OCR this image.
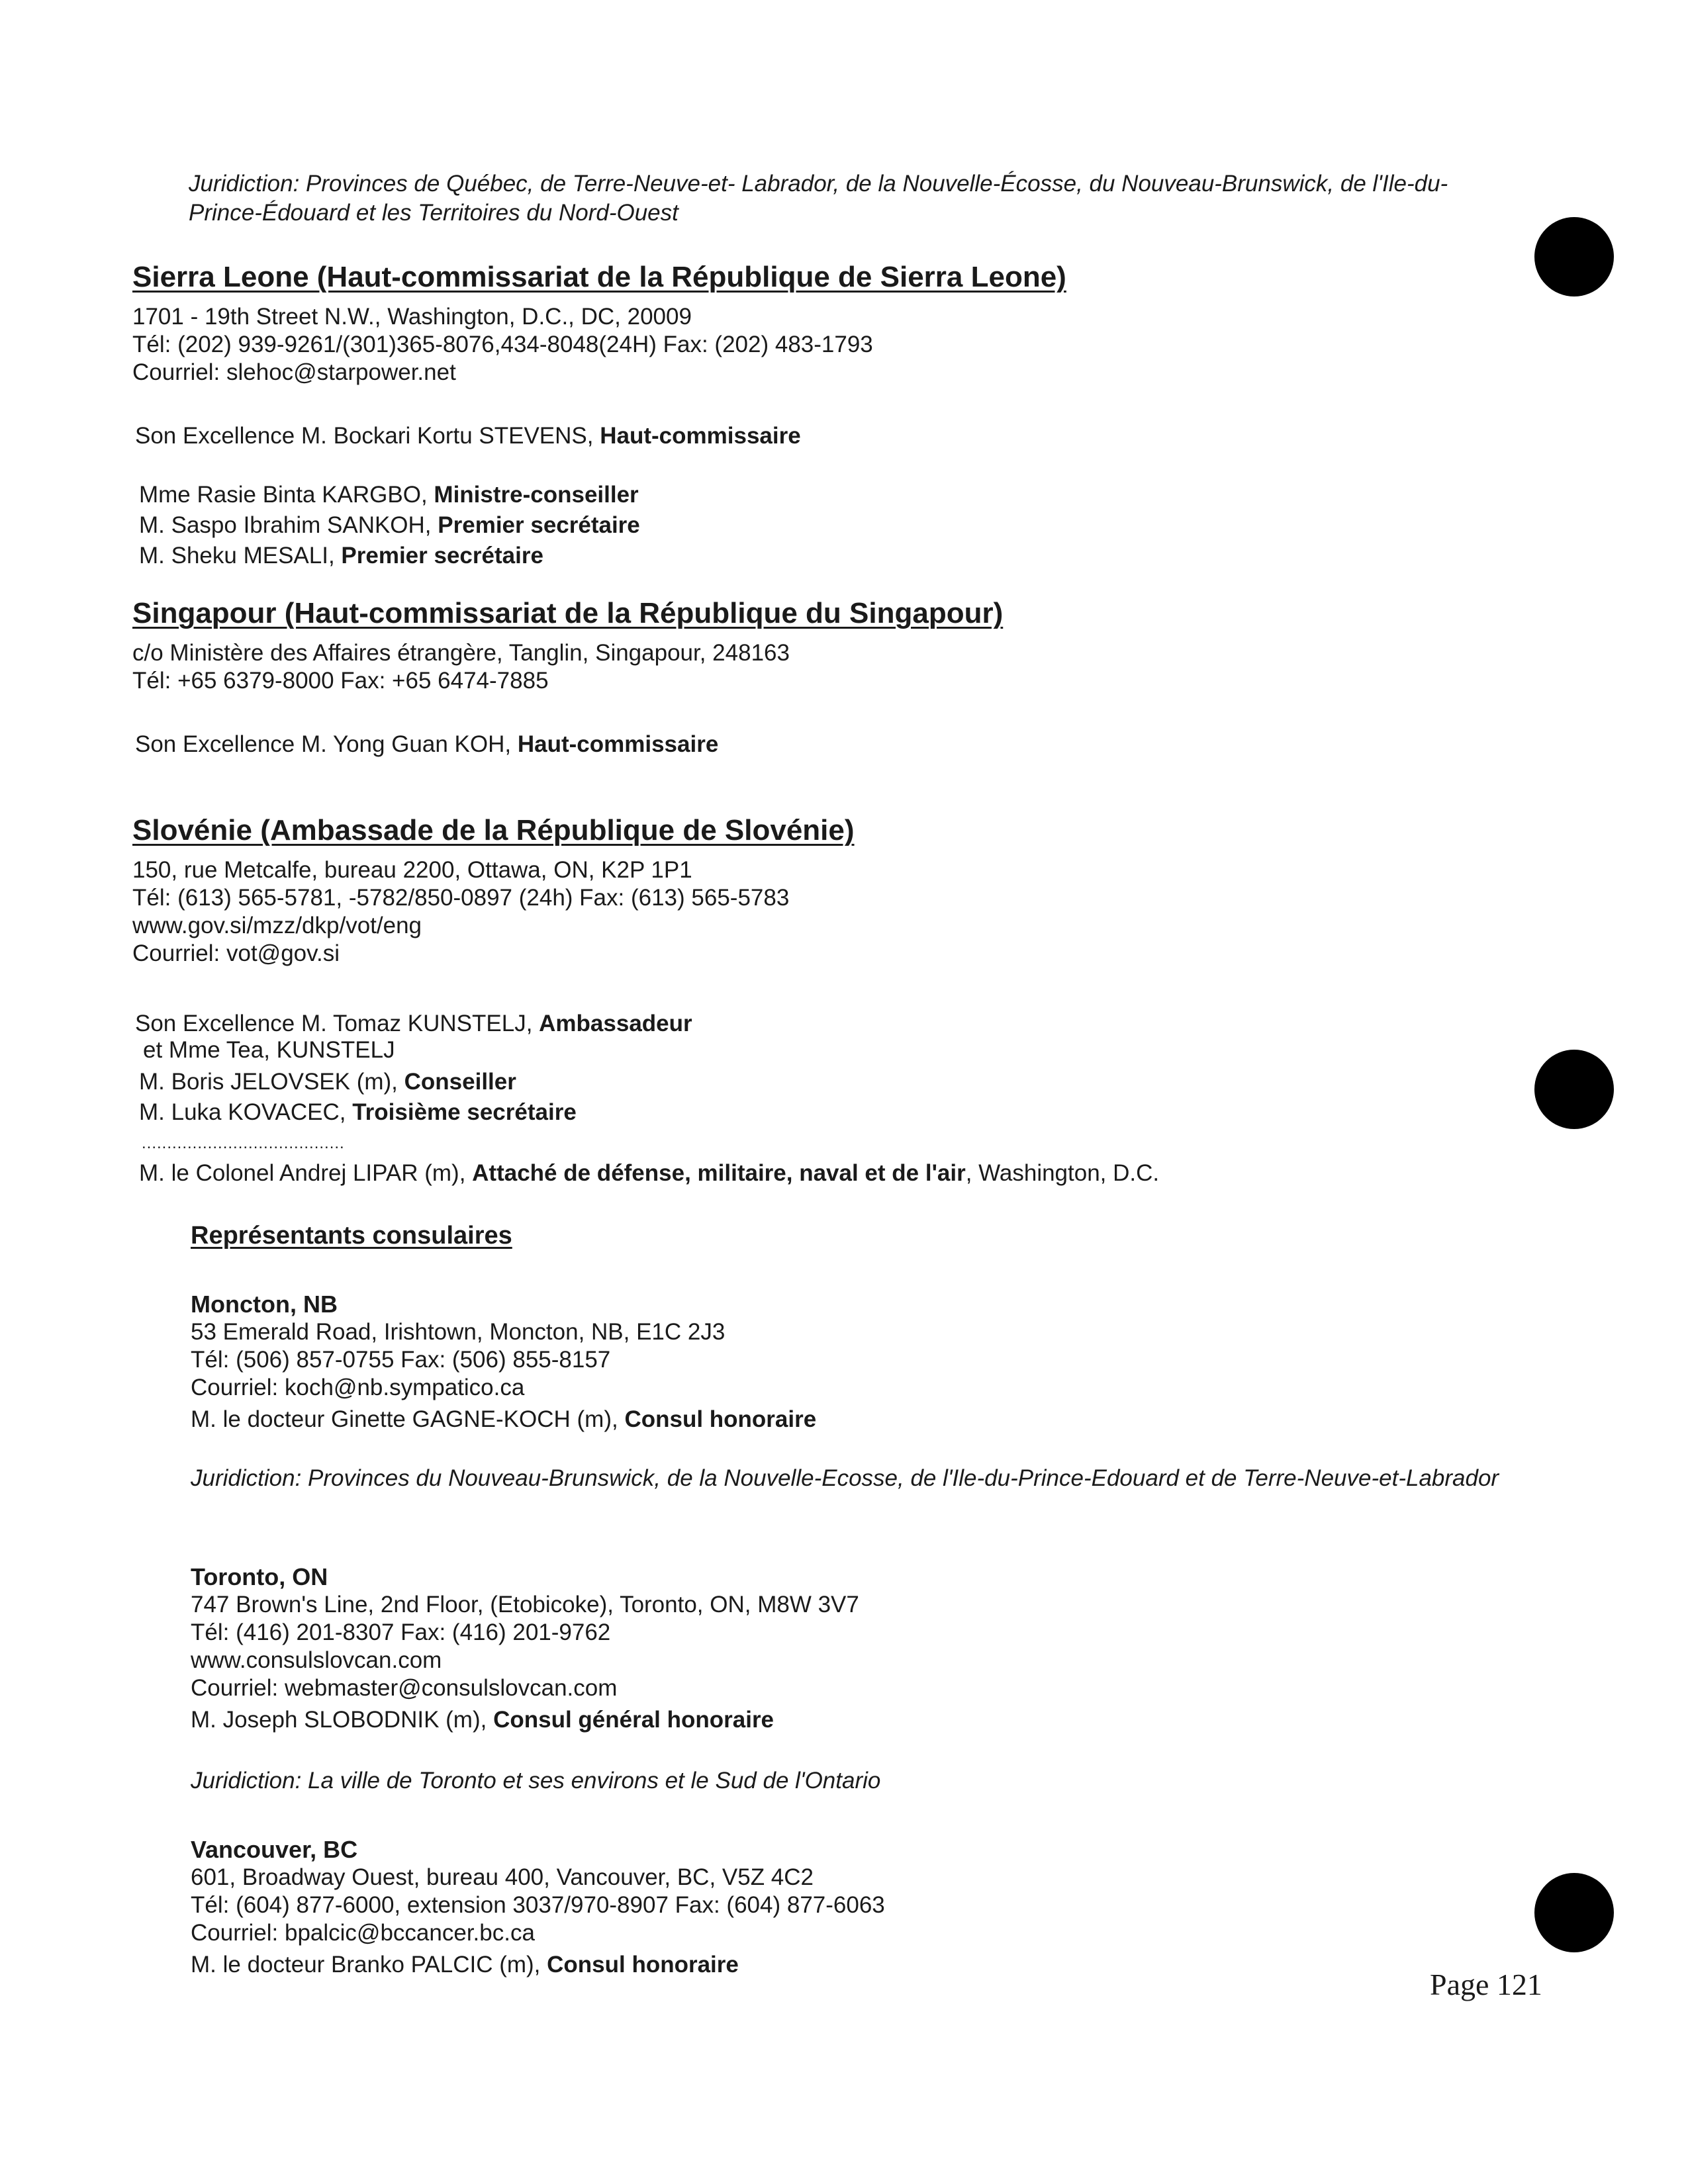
Juridiction: Provinces de Québec, de Terre-Neuve-et- Labrador, de la Nouvelle-Écosse, du Nouveau-Brunswick, de l'Ile-du-Prince-Édouard et les Territoires du Nord-Ouest
Sierra Leone (Haut-commissariat de la République de Sierra Leone)
1701 - 19th Street N.W., Washington, D.C., DC, 20009
Tél: (202) 939-9261/(301)365-8076,434-8048(24H) Fax: (202) 483-1793
Courriel: slehoc@starpower.net
Son Excellence M. Bockari Kortu STEVENS, Haut-commissaire
Mme Rasie Binta KARGBO, Ministre-conseiller
M. Saspo Ibrahim SANKOH, Premier secrétaire
M. Sheku MESALI, Premier secrétaire
Singapour (Haut-commissariat de la République du Singapour)
c/o Ministère des Affaires étrangère, Tanglin, Singapour, 248163
Tél: +65 6379-8000 Fax: +65 6474-7885
Son Excellence M. Yong Guan KOH, Haut-commissaire
Slovénie (Ambassade de la République de Slovénie)
150, rue Metcalfe, bureau 2200, Ottawa, ON, K2P 1P1
Tél: (613) 565-5781, -5782/850-0897 (24h) Fax: (613) 565-5783
www.gov.si/mzz/dkp/vot/eng
Courriel: vot@gov.si
Son Excellence M. Tomaz KUNSTELJ, Ambassadeur
et Mme Tea, KUNSTELJ
M. Boris JELOVSEK (m), Conseiller
M. Luka KOVACEC, Troisième secrétaire
........................................
M. le Colonel Andrej LIPAR (m), Attaché de défense, militaire, naval et de l'air, Washington, D.C.
Représentants consulaires
Moncton, NB
53 Emerald Road, Irishtown, Moncton, NB, E1C 2J3
Tél: (506) 857-0755 Fax: (506) 855-8157
Courriel: koch@nb.sympatico.ca
M. le docteur Ginette GAGNE-KOCH (m), Consul honoraire
Juridiction: Provinces du Nouveau-Brunswick, de la Nouvelle-Ecosse, de l'Ile-du-Prince-Edouard et de Terre-Neuve-et-Labrador
Toronto, ON
747 Brown's Line, 2nd Floor, (Etobicoke), Toronto, ON, M8W 3V7
Tél: (416) 201-8307 Fax: (416) 201-9762
www.consulslovcan.com
Courriel: webmaster@consulslovcan.com
M. Joseph SLOBODNIK (m), Consul général honoraire
Juridiction: La ville de Toronto et ses environs et le Sud de l'Ontario
Vancouver, BC
601, Broadway Ouest, bureau 400, Vancouver, BC, V5Z 4C2
Tél: (604) 877-6000, extension 3037/970-8907 Fax: (604) 877-6063
Courriel: bpalcic@bccancer.bc.ca
M. le docteur Branko PALCIC (m), Consul honoraire
Page 121
